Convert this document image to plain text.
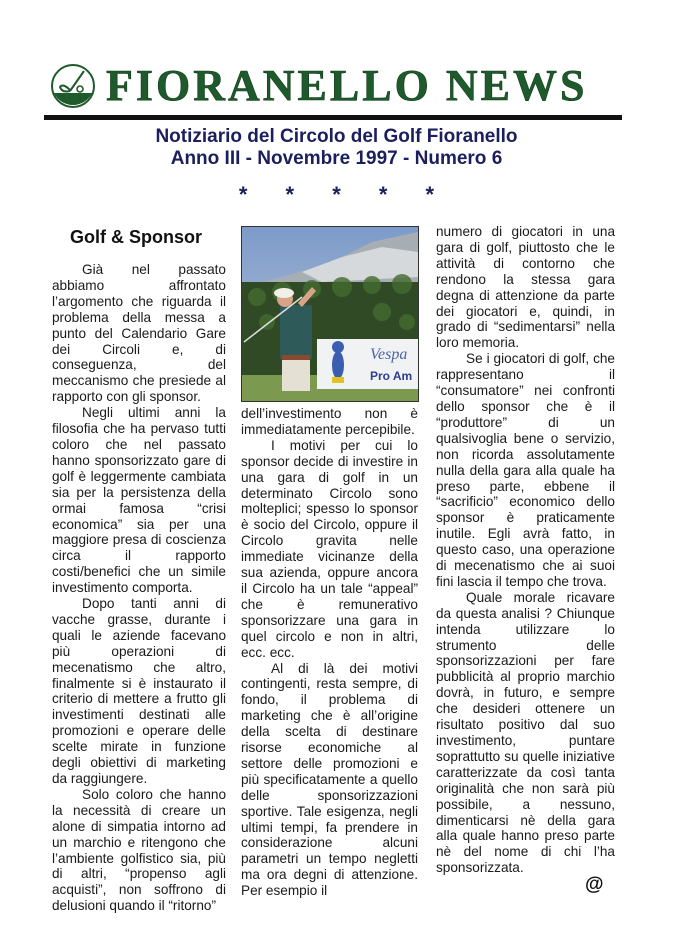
FIORANELLO NEWS
Notiziario del Circolo del Golf Fioranello
Anno III - Novembre 1997 - Numero 6
* * * * *
Golf & Sponsor

Già nel passato abbiamo affrontato l’argomento che riguarda il problema della messa a punto del Calendario Gare dei Circoli e, di conseguenza, del meccanismo che presiede al rapporto con gli sponsor.

Negli ultimi anni la filosofia che ha pervaso tutti coloro che nel passato hanno sponsorizzato gare di golf è leggermente cambiata sia per la persistenza della ormai famosa “crisi economica” sia per una maggiore presa di coscienza circa il rapporto costi/benefici che un simile investimento comporta.

Dopo tanti anni di vacche grasse, durante i quali le aziende facevano più operazioni di mecenatismo che altro, finalmente si è instaurato il criterio di mettere a frutto gli investimenti destinati alle promozioni e operare delle scelte mirate in funzione degli obiettivi di marketing da raggiungere.

Solo coloro che hanno la necessità di creare un alone di simpatia intorno ad un marchio e ritengono che l’ambiente golfistico sia, più di altri, “propenso agli acquisti”, non soffrono di delusioni quando il “ritorno”

Vespa
Pro Am

dell’investimento non è immediatamente percepibile.

I motivi per cui lo sponsor decide di investire in una gara di golf in un determinato Circolo sono molteplici; spesso lo sponsor è socio del Circolo, oppure il Circolo gravita nelle immediate vicinanze della sua azienda, oppure ancora il Circolo ha un tale “appeal” che è remunerativo sponsorizzare una gara in quel circolo e non in altri, ecc. ecc.

Al di là dei motivi contingenti, resta sempre, di fondo, il problema di marketing che è all’origine della scelta di destinare risorse economiche al settore delle promozioni e più specificatamente a quello delle sponsorizzazioni sportive. Tale esigenza, negli ultimi tempi, fa prendere in considerazione alcuni parametri un tempo negletti ma ora degni di attenzione. Per esempio il

numero di giocatori in una gara di golf, piuttosto che le attività di contorno che rendono la stessa gara degna di attenzione da parte dei giocatori e, quindi, in grado di “sedimentarsi” nella loro memoria.

Se i giocatori di golf, che rappresentano il “consumatore” nei confronti dello sponsor che è il “produttore” di un qualsivoglia bene o servizio, non ricorda assolutamente nulla della gara alla quale ha preso parte, ebbene il “sacrificio” economico dello sponsor è praticamente inutile. Egli avrà fatto, in questo caso, una operazione di mecenatismo che ai suoi fini lascia il tempo che trova.

Quale morale ricavare da questa analisi ? Chiunque intenda utilizzare lo strumento delle sponsorizzazioni per fare pubblicità al proprio marchio dovrà, in futuro, e sempre che desideri ottenere un risultato positivo dal suo investimento, puntare soprattutto su quelle iniziative caratterizzate da così tanta originalità che non sarà più possibile, a nessuno, dimenticarsi nè della gara alla quale hanno preso parte nè del nome di chi l’ha sponsorizzata.

@
